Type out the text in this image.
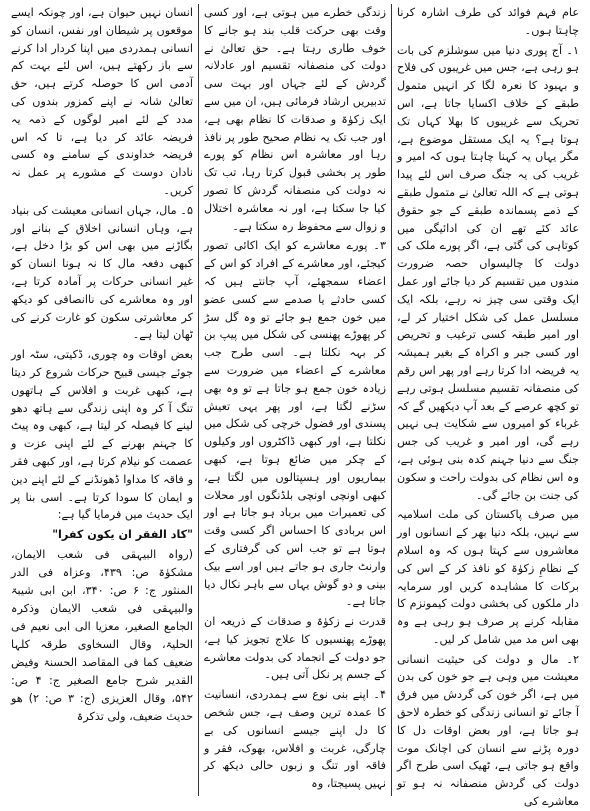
عام فہم فوائد کی طرف اشارہ کرنا چاہتا ہوں۔

۱۔ آج پوری دنیا میں سوشلزم کی بات ہو رہی ہے، جس میں غریبوں کی فلاح و بہبود کا نعرہ لگا کر انہیں متمول طبقے کے خلاف اکسایا جاتا ہے، اس تحریک سے غریبوں کا بھلا کہاں تک ہوتا ہے؟ یہ ایک مستقل موضوع ہے، مگر یہاں یہ کہنا چاہتا ہوں کہ امیر و غریب کی یہ جنگ صرف اس لئے پیدا ہوتی ہے کہ اللہ تعالیٰ نے متمول طبقے کے ذمے پسماندہ طبقے کے جو حقوق عائد کئے تھے ان کی ادائیگی میں کوتاہی کی گئی ہے، اگر پورے ملک کی دولت کا چالیسواں حصہ ضرورت مندوں میں تقسیم کر دیا جائے اور عمل ایک وقتی سی چیز نہ رہے، بلکہ ایک مسلسل عمل کی شکل اختیار کر لے، اور امیر طبقہ کسی ترغیب و تحریص اور کسی جبر و اکراہ کے بغیر ہمیشہ یہ فریضہ ادا کرتا رہے اور پھر اس رقم کی منصفانہ تقسیم مسلسل ہوتی رہے تو کچھ عرصے کے بعد آپ دیکھیں گے کہ غرباء کو امیروں سے شکایت ہی نہیں رہے گی، اور امیر و غریب کی جس جنگ سے دنیا جہنم کدہ بنی ہوئی ہے، وہ اس نظام کی بدولت راحت و سکون کی جنت بن جائے گی۔

میں صرف پاکستان کی ملت اسلامیہ سے نہیں، بلکہ دنیا بھر کے انسانوں اور معاشروں سے کہتا ہوں کہ وہ اسلام کے نظامِ زکوٰۃ کو نافذ کر کے اس کی برکات کا مشاہدہ کریں اور سرمایہ دار ملکوں کی بخشی دولت کیمونزم کا مقابلہ کرنے پر صرف ہو رہی ہے وہ بھی اس مد میں شامل کر لیں۔

۲۔ مال و دولت کی حیثیت انسانی معیشت میں وہی ہے جو خون کی بدن میں ہے، اگر خون کی گردش میں فرق آ جائے تو انسانی زندگی کو خطرہ لاحق ہو جاتا ہے، اور بعض اوقات دل کا دورہ پڑنے سے انسان کی اچانک موت واقع ہو جاتی ہے، ٹھیک اسی طرح اگر دولت کی گردش منصفانہ نہ ہو تو معاشرے کی

زندگی خطرے میں ہوتی ہے، اور کسی وقت بھی حرکت قلب بند ہو جانے کا خوف طاری رہتا ہے۔ حق تعالیٰ نے دولت کی منصفانہ تقسیم اور عادلانہ گردش کے لئے جہاں اور بہت سی تدبیریں ارشاد فرمائی ہیں، ان میں سے ایک زکوٰۃ و صدقات کا نظام بھی ہے، اور جب تک یہ نظام صحیح طور پر نافذ رہا اور معاشرہ اس نظام کو پورے طور پر بخشی قبول کرتا رہا، تب تک نہ دولت کی منصفانہ گردش کا تصور کیا جا سکتا ہے، اور نہ معاشرہ اختلال و زوال سے محفوظ رہ سکتا ہے۔

۳۔ پورے معاشرے کو ایک اکائی تصور کیجئے، اور معاشرے کے افراد کو اس کے اعضاء سمجھئے، آپ جانتے ہیں کہ کسی حادثے یا صدمے سے کسی عضو میں خون جمع ہو جائے تو وہ گل سڑ کر پھوڑے پھنسی کی شکل میں پیپ بن کر بہہ نکلتا ہے۔ اسی طرح جب معاشرے کے اعضاء میں ضرورت سے زیادہ خون جمع ہو جاتا ہے تو وہ بھی سڑنے لگتا ہے، اور پھر یہی تعیش پسندی اور فضول خرچی کی شکل میں نکلتا ہے، اور کبھی ڈاکٹروں اور وکیلوں کے چکر میں ضائع ہوتا ہے، کبھی بیماریوں اور ہسپتالوں میں لگتا ہے، کبھی اونچی اونچی بلڈنگوں اور محلات کی تعمیرات میں برباد ہو جاتا ہے اور اس بربادی کا احساس اگر کسی وقت ہوتا ہے تو جب اس کی گرفتاری کے وارنٹ جاری ہو جاتے ہیں اور اسے بیک بینی و دو گوش یہاں سے باہر نکال دیا جاتا ہے۔

قدرت نے زکوٰۃ و صدقات کے ذریعہ ان پھوڑے پھنسیوں کا علاج تجویز کیا ہے، جو دولت کے انجماد کی بدولت معاشرے کے جسم پر نکل آتی ہیں۔

۴۔ اپنے بنی نوع سے ہمدردی، انسانیت کا عمدہ ترین وصف ہے، جس شخص کا دل اپنے جیسے انسانوں کی بے چارگی، غربت و افلاس، بھوک، فقر و فاقہ اور تنگ و زبوں حالی دیکھ کر نہیں پسیجتا، وہ

انسان نہیں حیوان ہے، اور چونکہ ایسے موقعوں پر شیطان اور نفس، انسان کو انسانی ہمدردی میں اپنا کردار ادا کرنے سے باز رکھتے ہیں، اس لئے بہت کم آدمی اس کا حوصلہ کرتے ہیں، حق تعالیٰ شانہ نے اپنے کمزور بندوں کی مدد کے لئے امیر لوگوں کے ذمہ یہ فریضہ عائد کر دیا ہے، تا کہ اس فریضہ خداوندی کے سامنے وہ کسی نادان دوست کے مشورے پر عمل نہ کریں۔

۵۔ مال، جہاں انسانی معیشت کی بنیاد ہے، وہاں انسانی اخلاق کے بنانے اور بگاڑنے میں بھی اس کو بڑا دخل ہے، کبھی دفعہ مال کا نہ ہونا انسان کو غیر انسانی حرکات پر آمادہ کرتا ہے، اور وہ معاشرے کی ناانصافی کو دیکھ کر معاشرتی سکون کو غارت کرنے کی ٹھان لیتا ہے۔

بعض اوقات وہ چوری، ڈکیتی، سٹہ اور جوئے جیسی قبیح حرکات شروع کر دیتا ہے، کبھی غربت و افلاس کے ہاتھوں تنگ آ کر وہ اپنی زندگی سے ہاتھ دھو لینے کا فیصلہ کر لیتا ہے، کبھی وہ پیٹ کا جہنم بھرنے کے لئے اپنی عزت و عصمت کو نیلام کرتا ہے، اور کبھی فقر و فاقہ کا مداوا ڈھونڈنے کے لئے اپنے دین و ایمان کا سودا کرتا ہے۔ اسی بنا پر ایک حدیث میں فرمایا گیا ہے:

"کاد الفقر ان یکون کفرا"

(رواہ البیہقی فی شعب الایمان، مشکوٰۃ ص: ۴۳۹، وعزاہ فی الدر المنثور ج: ۶ ص: ۳۴۰، ابن ابی شیبۃ والبیہقی فی شعب الایمان وذکرہ الجامع الصغیر، معزیا الی ابی نعیم فی الحلیۃ، وقال السخاوی طرقہ کلہا ضعیف کما فی المقاصد الحسنۃ وفیض القدیر شرح جامع الصغیر ج: ۴ ص: ۵۴۲، وقال العزیزی (ج: ۳ ص: ۲) ھو حدیث ضعیف، ولی تذکرۃ
